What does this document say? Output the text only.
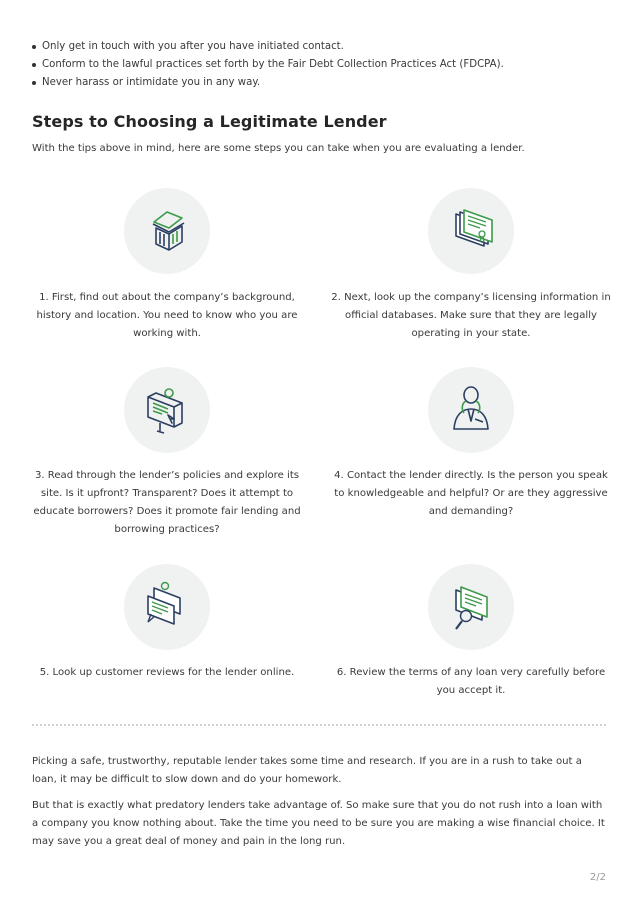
Only get in touch with you after you have initiated contact.
Conform to the lawful practices set forth by the Fair Debt Collection Practices Act (FDCPA).
Never harass or intimidate you in any way.
Steps to Choosing a Legitimate Lender

With the tips above in mind, here are some steps you can take when you are evaluating a lender.

1. First, find out about the company’s background, history and location. You need to know who you are working with.

2. Next, look up the company’s licensing information in official databases. Make sure that they are legally operating in your state.

3. Read through the lender’s policies and explore its site. Is it upfront? Transparent? Does it attempt to educate borrowers? Does it promote fair lending and borrowing practices?

4. Contact the lender directly. Is the person you speak to knowledgeable and helpful? Or are they aggressive and demanding?

5. Look up customer reviews for the lender online.	6. Review the terms of any loan very carefully before you accept it.

Picking a safe, trustworthy, reputable lender takes some time and research. If you are in a rush to take out a loan, it may be difficult to slow down and do your homework.

But that is exactly what predatory lenders take advantage of. So make sure that you do not rush into a loan with a company you know nothing about. Take the time you need to be sure you are making a wise financial choice. It may save you a great deal of money and pain in the long run.

2/2
